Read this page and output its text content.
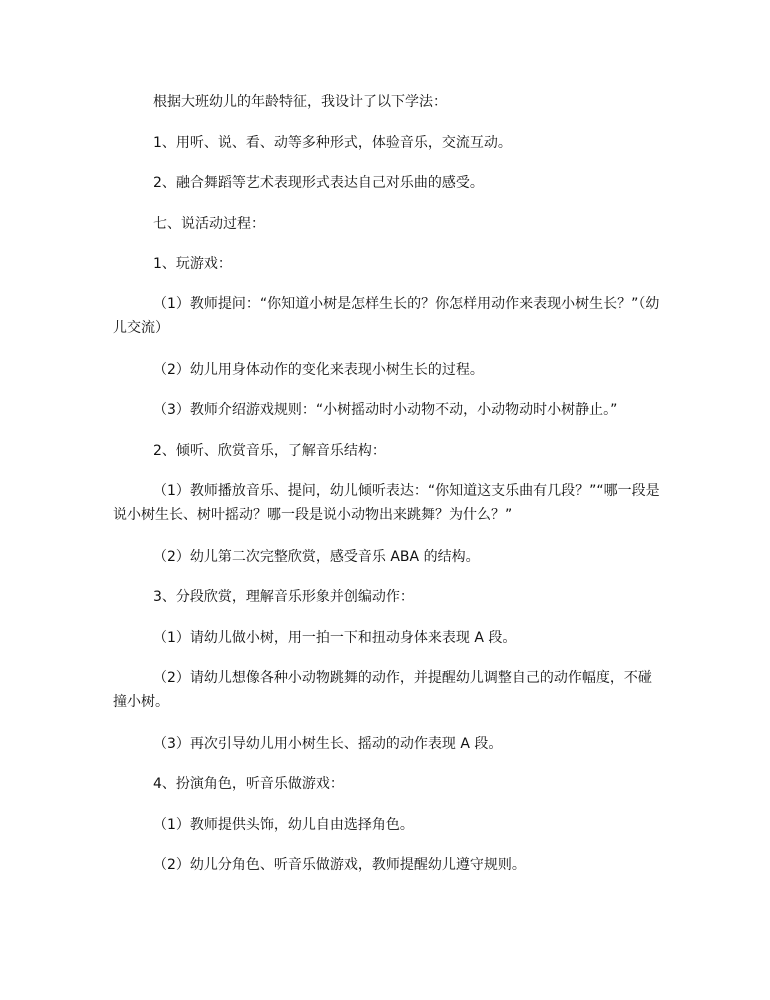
根据大班幼儿的年龄特征，我设计了以下学法：

1、用听、说、看、动等多种形式，体验音乐，交流互动。

2、融合舞蹈等艺术表现形式表达自己对乐曲的感受。

七、说活动过程：

1、玩游戏：

（1）教师提问：“你知道小树是怎样生长的？你怎样用动作来表现小树生长？”（幼儿交流）

（2）幼儿用身体动作的变化来表现小树生长的过程。

（3）教师介绍游戏规则：“小树摇动时小动物不动，小动物动时小树静止。”

2、倾听、欣赏音乐，了解音乐结构：

（1）教师播放音乐、提问，幼儿倾听表达：“你知道这支乐曲有几段？”“哪一段是说小树生长、树叶摇动？哪一段是说小动物出来跳舞？为什么？”

（2）幼儿第二次完整欣赏，感受音乐 ABA 的结构。

3、分段欣赏，理解音乐形象并创编动作：

（1）请幼儿做小树，用一拍一下和扭动身体来表现 A 段。

（2）请幼儿想像各种小动物跳舞的动作，并提醒幼儿调整自己的动作幅度，不碰撞小树。

（3）再次引导幼儿用小树生长、摇动的动作表现 A 段。

4、扮演角色，听音乐做游戏：

（1）教师提供头饰，幼儿自由选择角色。

（2）幼儿分角色、听音乐做游戏，教师提醒幼儿遵守规则。
